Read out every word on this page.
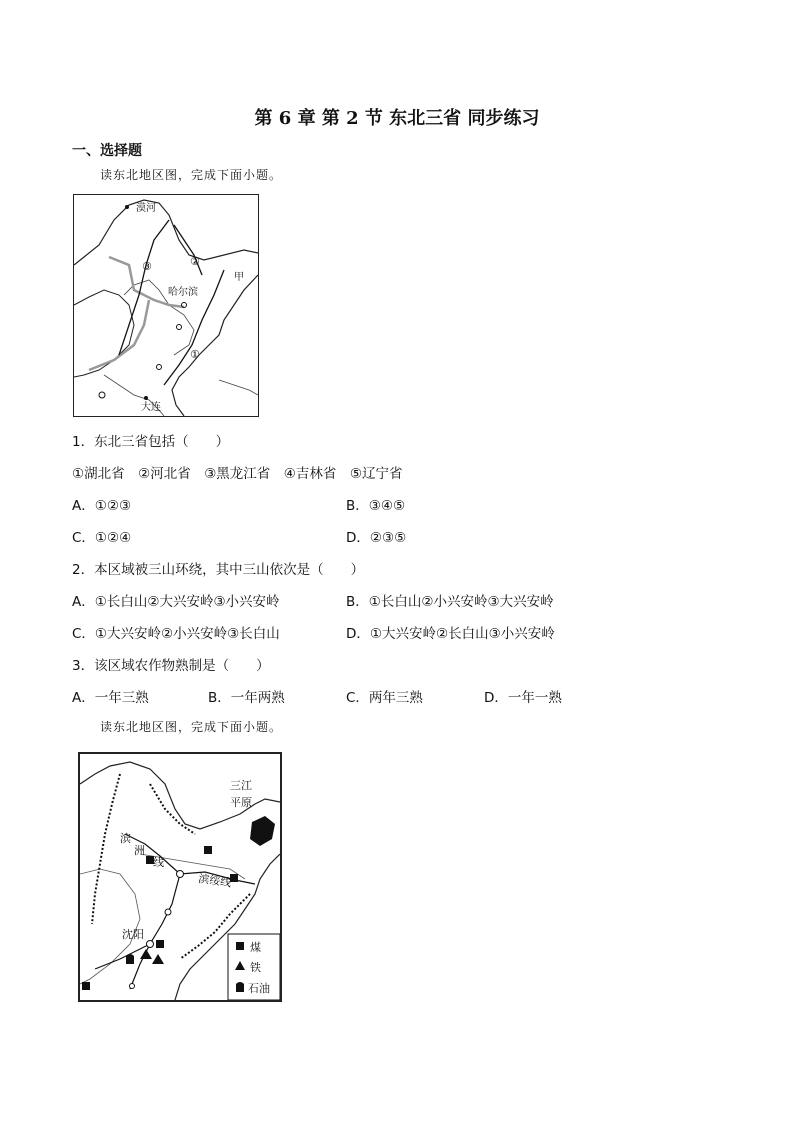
第 6 章 第 2 节 东北三省 同步练习
一、选择题
读东北地区图，完成下面小题。
漠河
哈尔滨
大连
甲
①
②
③
1．东北三省包括（　　）
①湖北省　②河北省　③黑龙江省　④吉林省　⑤辽宁省
A．①②③	B．③④⑤
C．①②④	D．②③⑤
2．本区域被三山环绕，其中三山依次是（　　）
A．①长白山②大兴安岭③小兴安岭	B．①长白山②小兴安岭③大兴安岭
C．①大兴安岭②小兴安岭③长白山	D．①大兴安岭②长白山③小兴安岭
3．该区域农作物熟制是（　　）
A．一年三熟	B．一年两熟	C．两年三熟	D．一年一熟
读东北地区图，完成下面小题。
三江
平原
滨
洲
线
滨绥线
沈阳
煤
铁
石油
